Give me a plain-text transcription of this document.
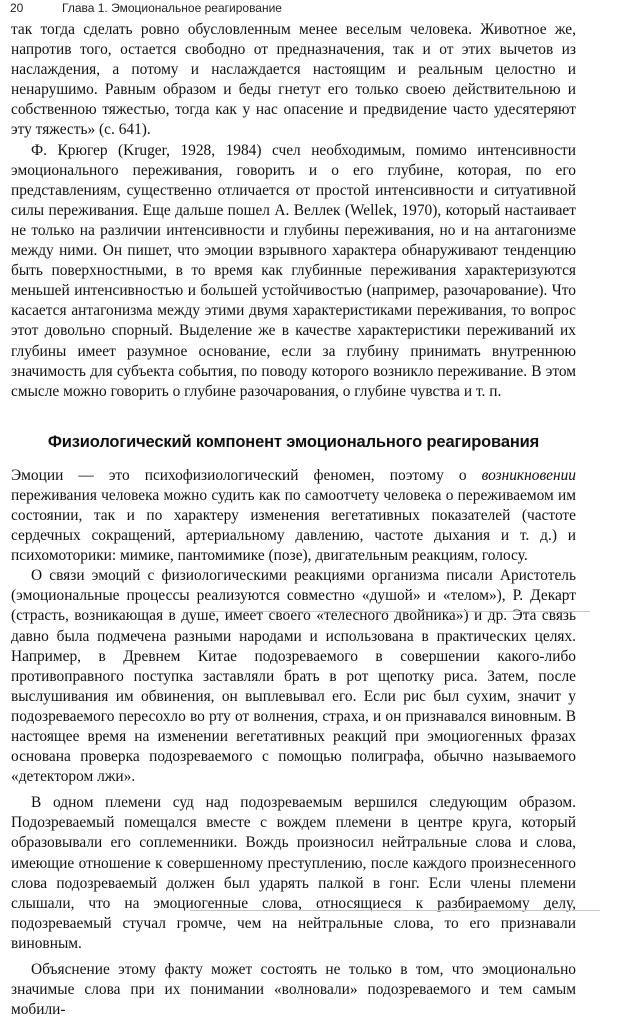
20	Глава 1. Эмоциональное реагирование

так тогда сделать ровно обусловленным менее веселым человека. Животное же, напротив того, остается свободно от предназначения, так и от этих вычетов из наслаждения, а потому и наслаждается настоящим и реальным целостно и ненарушимо. Равным образом и беды гнетут его только своею действительною и собственною тяжестью, тогда как у нас опасение и предвидение часто удесятеряют эту тяжесть» (с. 641).

Ф. Крюгер (Kruger, 1928, 1984) счел необходимым, помимо интенсивности эмоционального переживания, говорить и о его глубине, которая, по его представлениям, существенно отличается от простой интенсивности и ситуативной силы переживания. Еще дальше пошел А. Веллек (Wellek, 1970), который настаивает не только на различии интенсивности и глубины переживания, но и на антагонизме между ними. Он пишет, что эмоции взрывного характера обнаруживают тенденцию быть поверхностными, в то время как глубинные переживания характеризуются меньшей интенсивностью и большей устойчивостью (например, разочарование). Что касается антагонизма между этими двумя характеристиками переживания, то вопрос этот довольно спорный. Выделение же в качестве характеристики переживаний их глубины имеет разумное основание, если за глубину принимать внутреннюю значимость для субъекта события, по поводу которого возникло переживание. В этом смысле можно говорить о глубине разочарования, о глубине чувства и т. п.

Физиологический компонент эмоционального реагирования

Эмоции — это психофизиологический феномен, поэтому о возникновении переживания человека можно судить как по самоотчету человека о переживаемом им состоянии, так и по характеру изменения вегетативных показателей (частоте сердечных сокращений, артериальному давлению, частоте дыхания и т. д.) и психомоторики: мимике, пантомимике (позе), двигательным реакциям, голосу.

О связи эмоций с физиологическими реакциями организма писали Аристотель (эмоциональные процессы реализуются совместно «душой» и «телом»), Р. Декарт (страсть, возникающая в душе, имеет своего «телесного двойника») и др. Эта связь давно была подмечена разными народами и использована в практических целях. Например, в Древнем Китае подозреваемого в совершении какого-либо противоправного поступка заставляли брать в рот щепотку риса. Затем, после выслушивания им обвинения, он выплевывал его. Если рис был сухим, значит у подозреваемого пересохло во рту от волнения, страха, и он признавался виновным. В настоящее время на изменении вегетативных реакций при эмоциогенных фразах основана проверка подозреваемого с помощью полиграфа, обычно называемого «детектором лжи».

В одном племени суд над подозреваемым вершился следующим образом. Подозреваемый помещался вместе с вождем племени в центре круга, который образовывали его соплеменники. Вождь произносил нейтральные слова и слова, имеющие отношение к совершенному преступлению, после каждого произнесенного слова подозреваемый должен был ударять палкой в гонг. Если члены племени слышали, что на эмоциогенные слова, относящиеся к разбираемому делу, подозреваемый стучал громче, чем на нейтральные слова, то его признавали виновным.

Объяснение этому факту может состоять не только в том, что эмоционально значимые слова при их понимании «волновали» подозреваемого и тем самым мобили-
